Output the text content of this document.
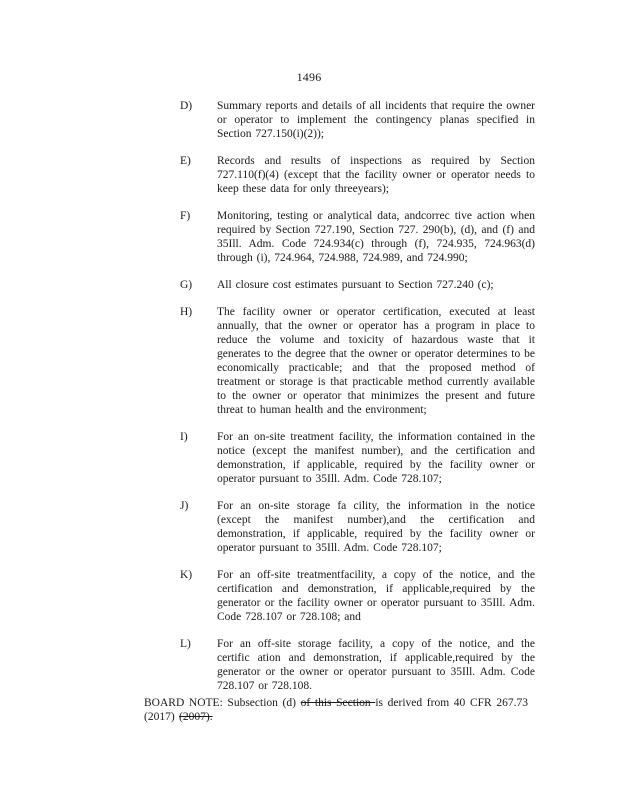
1496
D)	Summary reports and details of all incidents that require the owner or operator to implement the contingency planas specified in Section 727.150(i)(2));
E)	Records and results of inspections as required by Section 727.110(f)(4) (except that the facility owner or operator needs to keep these data for only threeyears);
F)	Monitoring, testing or analytical data, andcorrec tive action when required by Section 727.190, Section 727. 290(b), (d), and (f) and 35Ill. Adm. Code 724.934(c) through (f), 724.935, 724.963(d) through (i), 724.964, 724.988, 724.989, and 724.990;
G)	All closure cost estimates pursuant to Section 727.240 (c);
H)	The facility owner or operator certification, executed at least annually, that the owner or operator has a program in place to reduce the volume and toxicity of hazardous waste that it generates to the degree that the owner or operator determines to be economically practicable; and that the proposed method of treatment or storage is that practicable method currently available to the owner or operator that minimizes the present and future threat to human health and the environment;
I)	For an on-site treatment facility, the information contained in the notice (except the manifest number), and the certification and demonstration, if applicable, required by the facility owner or operator pursuant to 35Ill. Adm. Code 728.107;
J)	For an on-site storage fa cility, the information in the notice (except the manifest number),and the certification and demonstration, if applicable, required by the facility owner or operator pursuant to 35Ill. Adm. Code 728.107;
K)	For an off-site treatmentfacility, a copy of the notice, and the certification and demonstration, if applicable,required by the generator or the facility owner or operator pursuant to 35Ill. Adm. Code 728.107 or 728.108; and
L)	For an off-site storage facility, a copy of the notice, and the certific ation and demonstration, if applicable,required by the generator or the owner or operator pursuant to 35Ill. Adm. Code 728.107 or 728.108.
BOARD NOTE: Subsection (d) of this Section is derived from 40 CFR 267.73 (2017) (2007).
